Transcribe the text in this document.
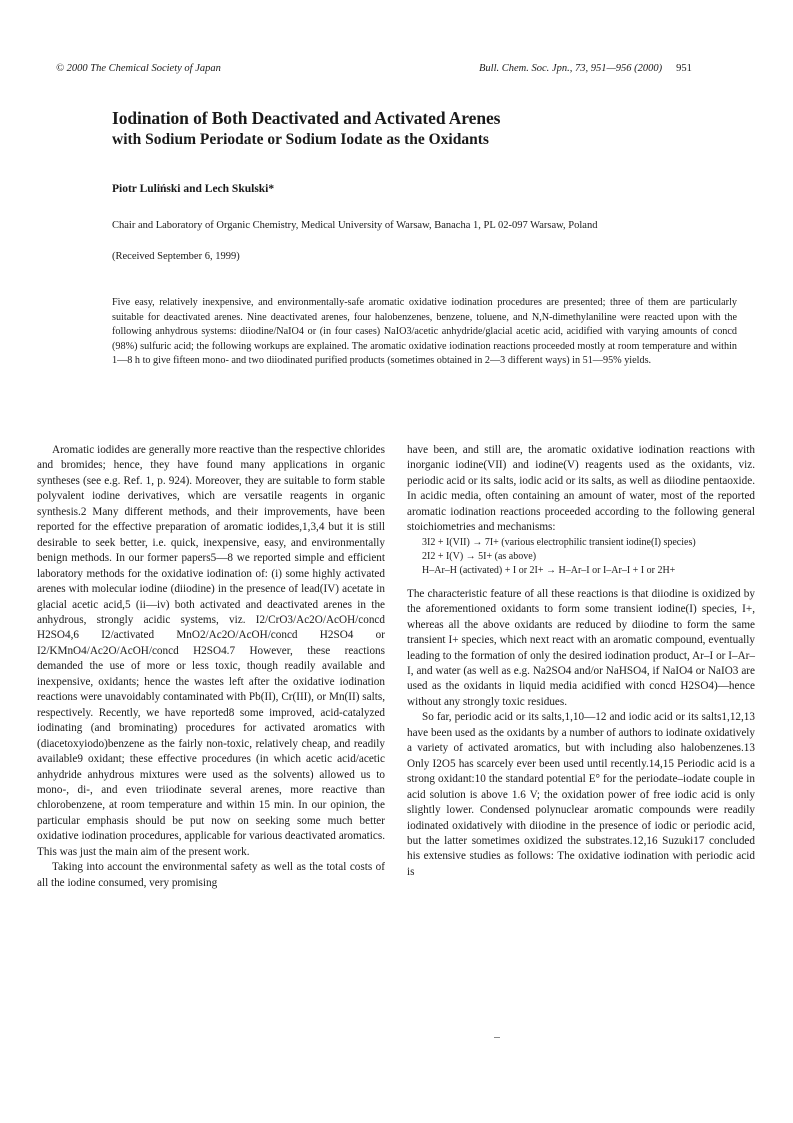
© 2000 The Chemical Society of Japan	Bull. Chem. Soc. Jpn., 73, 951—956 (2000) 951
Iodination of Both Deactivated and Activated Arenes
with Sodium Periodate or Sodium Iodate as the Oxidants
Piotr Luliński and Lech Skulski*
Chair and Laboratory of Organic Chemistry, Medical University of Warsaw, Banacha 1, PL 02-097 Warsaw, Poland
(Received September 6, 1999)
Five easy, relatively inexpensive, and environmentally-safe aromatic oxidative iodination procedures are presented; three of them are particularly suitable for deactivated arenes. Nine deactivated arenes, four halobenzenes, benzene, toluene, and N,N-dimethylaniline were reacted upon with the following anhydrous systems: diiodine/NaIO4 or (in four cases) NaIO3/acetic anhydride/glacial acetic acid, acidified with varying amounts of concd (98%) sulfuric acid; the following workups are explained. The aromatic oxidative iodination reactions proceeded mostly at room temperature and within 1—8 h to give fifteen mono- and two diiodinated purified products (sometimes obtained in 2—3 different ways) in 51—95% yields.

Aromatic iodides are generally more reactive than the respective chlorides and bromides; hence, they have found many applications in organic syntheses (see e.g. Ref. 1, p. 924). Moreover, they are suitable to form stable polyvalent iodine derivatives, which are versatile reagents in organic synthesis.2 Many different methods, and their improvements, have been reported for the effective preparation of aromatic iodides,1,3,4 but it is still desirable to seek better, i.e. quick, inexpensive, easy, and environmentally benign methods. In our former papers5—8 we reported simple and efficient laboratory methods for the oxidative iodination of: (i) some highly activated arenes with molecular iodine (diiodine) in the presence of lead(IV) acetate in glacial acetic acid,5 (ii—iv) both activated and deactivated arenes in the anhydrous, strongly acidic systems, viz. I2/CrO3/Ac2O/AcOH/concd H2SO4,6 I2/activated MnO2/Ac2O/AcOH/concd H2SO4 or I2/KMnO4/Ac2O/AcOH/concd H2SO4.7 However, these reactions demanded the use of more or less toxic, though readily available and inexpensive, oxidants; hence the wastes left after the oxidative iodination reactions were unavoidably contaminated with Pb(II), Cr(III), or Mn(II) salts, respectively. Recently, we have reported8 some improved, acid-catalyzed iodinating (and brominating) procedures for activated aromatics with (diacetoxyiodo)benzene as the fairly non-toxic, relatively cheap, and readily available9 oxidant; these effective procedures (in which acetic acid/acetic anhydride anhydrous mixtures were used as the solvents) allowed us to mono-, di-, and even triiodinate several arenes, more reactive than chlorobenzene, at room temperature and within 15 min. In our opinion, the particular emphasis should be put now on seeking some much better oxidative iodination procedures, applicable for various deactivated aromatics. This was just the main aim of the present work.

Taking into account the environmental safety as well as the total costs of all the iodine consumed, very promising

have been, and still are, the aromatic oxidative iodination reactions with inorganic iodine(VII) and iodine(V) reagents used as the oxidants, viz. periodic acid or its salts, iodic acid or its salts, as well as diiodine pentaoxide. In acidic media, often containing an amount of water, most of the reported aromatic iodination reactions proceeded according to the following general stoichiometries and mechanisms:

3I2 + I(VII) → 7I+ (various electrophilic transient iodine(I) species)

2I2 + I(V) → 5I+ (as above)

H–Ar–H (activated) + I or 2I+ → H–Ar–I or I–Ar–I + I or 2H+

The characteristic feature of all these reactions is that diiodine is oxidized by the aforementioned oxidants to form some transient iodine(I) species, I+, whereas all the above oxidants are reduced by diiodine to form the same transient I+ species, which next react with an aromatic compound, eventually leading to the formation of only the desired iodination product, Ar–I or I–Ar–I, and water (as well as e.g. Na2SO4 and/or NaHSO4, if NaIO4 or NaIO3 are used as the oxidants in liquid media acidified with concd H2SO4)—hence without any strongly toxic residues.

So far, periodic acid or its salts,1,10—12 and iodic acid or its salts1,12,13 have been used as the oxidants by a number of authors to iodinate oxidatively a variety of activated aromatics, but with including also halobenzenes.13 Only I2O5 has scarcely ever been used until recently.14,15 Periodic acid is a strong oxidant:10 the standard potential E° for the periodate–iodate couple in acid solution is above 1.6 V; the oxidation power of free iodic acid is only slightly lower. Condensed polynuclear aromatic compounds were readily iodinated oxidatively with diiodine in the presence of iodic or periodic acid, but the latter sometimes oxidized the substrates.12,16 Suzuki17 concluded his extensive studies as follows: The oxidative iodination with periodic acid is
